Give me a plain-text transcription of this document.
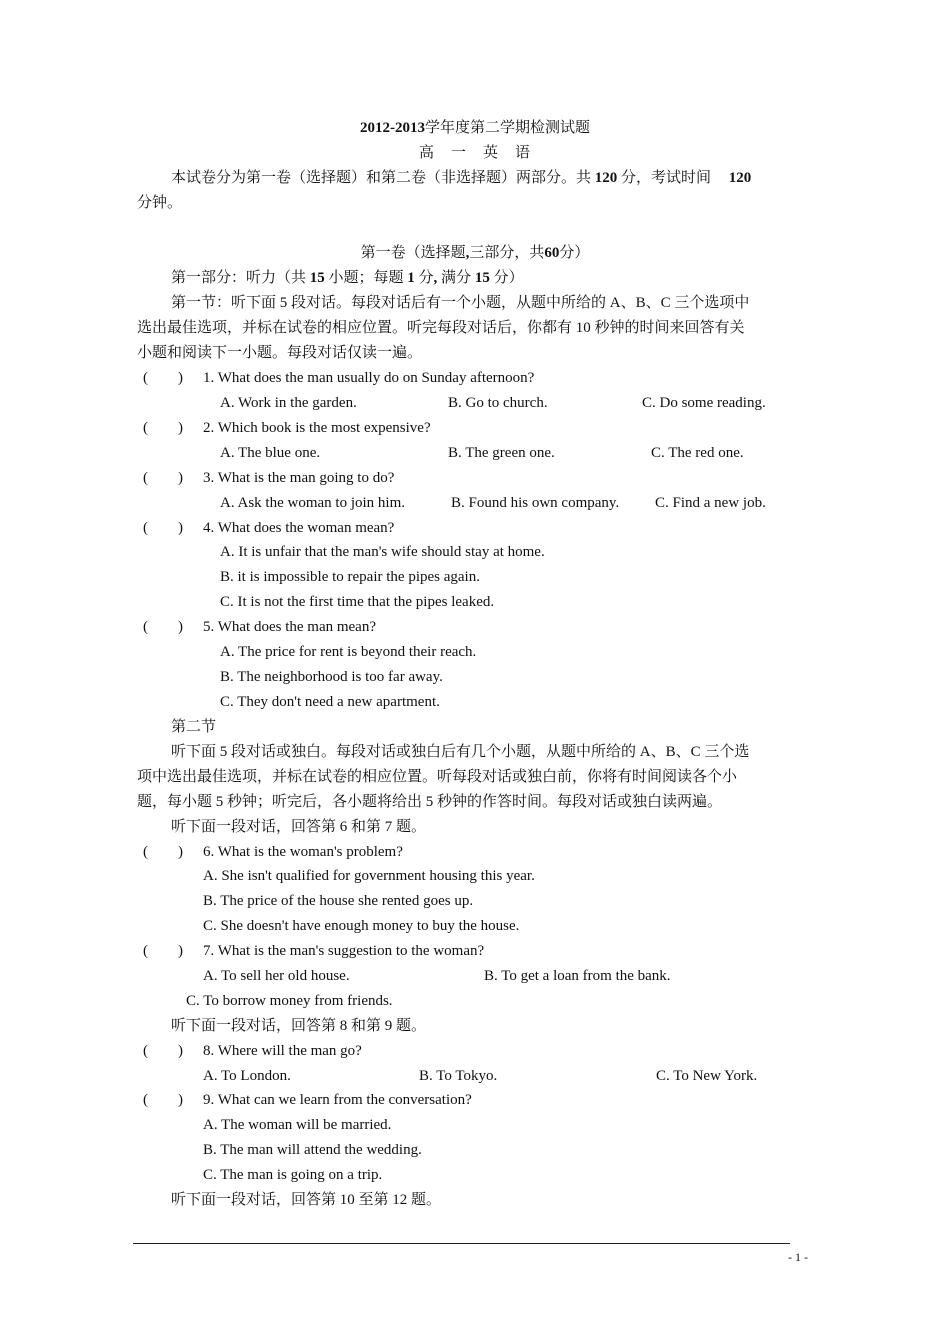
2012-2013学年度第二学期检测试题
高　一　英　语
本试卷分为第一卷（选择题）和第二卷（非选择题）两部分。共 120 分，考试时间 120
分钟。
第一卷（选择题,三部分，共60分）
第一部分：听力（共 15 小题；每题 1 分, 满分 15 分）
第一节：听下面 5 段对话。每段对话后有一个小题，从题中所给的 A、B、C 三个选项中
选出最佳选项，并标在试卷的相应位置。听完每段对话后，你都有 10 秒钟的时间来回答有关
小题和阅读下一小题。每段对话仅读一遍。
(　　) 1. What does the man usually do on Sunday afternoon?
A. Work in the garden.	B. Go to church.	C. Do some reading.
(　　) 2. Which book is the most expensive?
A. The blue one.	B. The green one.	C. The red one.
(　　) 3. What is the man going to do?
A. Ask the woman to join him.	B. Found his own company. C. Find a new job.
(　　) 4. What does the woman mean?
A. It is unfair that the man's wife should stay at home.
B. it is impossible to repair the pipes again.
C. It is not the first time that the pipes leaked.
(　　) 5. What does the man mean?
A. The price for rent is beyond their reach.
B. The neighborhood is too far away.
C. They don't need a new apartment.
第二节
听下面 5 段对话或独白。每段对话或独白后有几个小题，从题中所给的 A、B、C 三个选
项中选出最佳选项，并标在试卷的相应位置。听每段对话或独白前，你将有时间阅读各个小
题，每小题 5 秒钟；听完后，各小题将给出 5 秒钟的作答时间。每段对话或独白读两遍。
听下面一段对话，回答第 6 和第 7 题。
(　　) 6. What is the woman's problem?
A. She isn't qualified for government housing this year.
B. The price of the house she rented goes up.
C. She doesn't have enough money to buy the house.
(　　) 7. What is the man's suggestion to the woman?
A. To sell her old house.	B. To get a loan from the bank.
C. To borrow money from friends.
听下面一段对话，回答第 8 和第 9 题。
(　　) 8. Where will the man go?
A. To London.	B. To Tokyo.	C. To New York.
(　　) 9. What can we learn from the conversation?
A. The woman will be married.
B. The man will attend the wedding.
C. The man is going on a trip.
听下面一段对话，回答第 10 至第 12 题。
- 1 -
